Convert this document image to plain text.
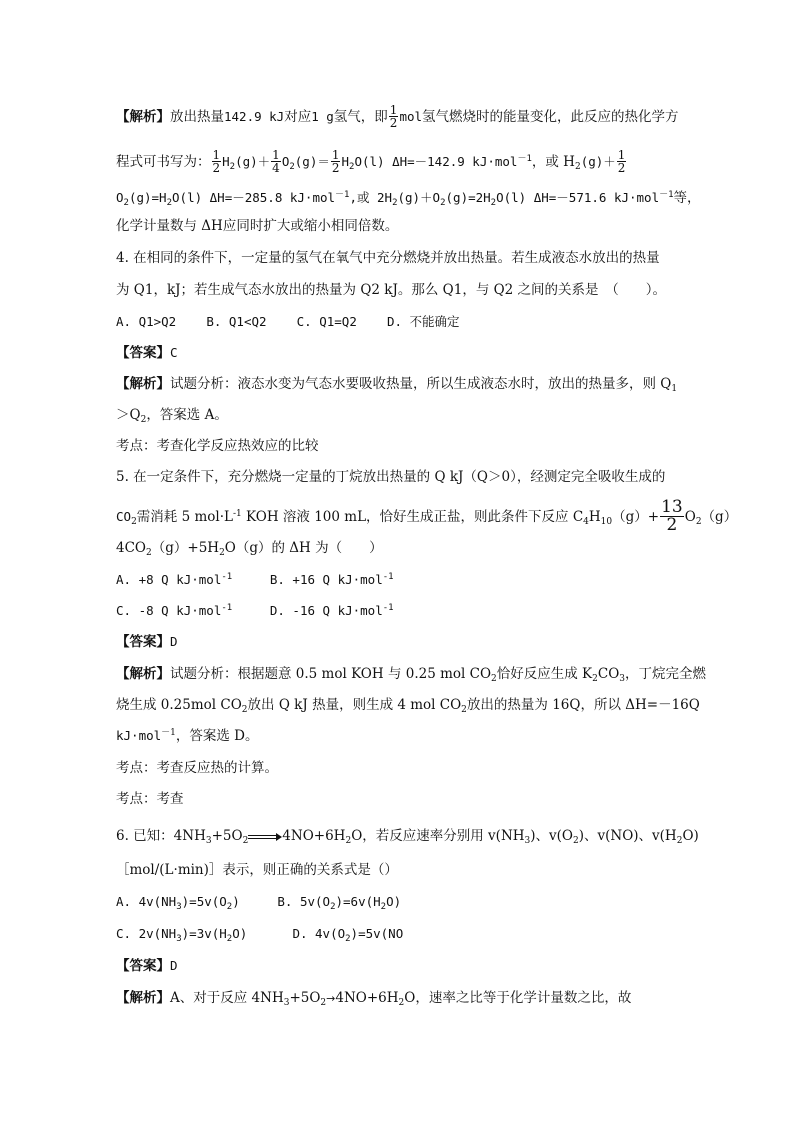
【解析】放出热量142.9 kJ对应1 g氢气，即 $\frac{1}{2}$ mol氢气燃烧时的能量变化，此反应的热化学方
程式可书写为： $\frac{1}{2} H_2(g)+ \frac{1}{4} O_2(g)= \frac{1}{2} H_2O(l)$ ΔH=－142.9 kJ·mol$^{-1}$，或 $H_2(g)+ \frac{1}{2}$
$O_2(g)=H_2O(l)$ ΔH=－285.8 kJ·mol$^{-1}$,或 $2H_2(g)+O_2(g)=2H_2O(l)$ ΔH=－571.6 kJ·mol$^{-1}$等，
化学计量数与 ΔH应同时扩大或缩小相同倍数。
4. 在相同的条件下，一定量的氢气在氧气中充分燃烧并放出热量。若生成液态水放出的热量
为 Q1，kJ；若生成气态水放出的热量为 Q2 kJ。那么 Q1，与 Q2 之间的关系是　（　　）。
A. Q1>Q2 B. Q1<Q2 C. Q1=Q2 D. 不能确定
【答案】C
【解析】试题分析：液态水变为气态水要吸收热量，所以生成液态水时，放出的热量多，则 $Q_1$
$>Q_2$，答案选 A。
考点：考查化学反应热效应的比较
5. 在一定条件下，充分燃烧一定量的丁烷放出热量的 Q kJ（Q＞0），经测定完全吸收生成的
$CO_2$需消耗 5 $mol\cdot L^{-1}$ KOH 溶液 100 mL，恰好生成正盐，则此条件下反应 $C_4H_{10}(g)+ \frac{13}{2} O_2(g)$
$4CO_2(g)+5H_2O(g)$的 ΔH 为（　　）
A. +8 Q kJ·mol$^{-1}$	B. +16 Q kJ·mol$^{-1}$
C. -8 Q kJ·mol$^{-1}$	D. -16 Q kJ·mol$^{-1}$
【答案】D
【解析】试题分析：根据题意 0.5 mol KOH 与 0.25 mol $CO_2$恰好反应生成 $K_2CO_3$，丁烷完全燃
烧生成 0.25mol $CO_2$放出 Q kJ 热量，则生成 4 mol $CO_2$放出的热量为 16Q，所以 ΔH=－16Q
kJ·mol$^{-1}$，答案选 D。
考点：考查反应热的计算。
考点：考查
6. 已知：$4NH_3+5O_2$	$4NO+6H_2O$，若反应速率分别用 $v(NH_3)$、$v(O_2)$、v(NO)、$v(H_2O)$
［mol/(L·min)］表示，则正确的关系式是（）
A. $4v(NH_3)=5v(O_2)$	B. $5v(O_2)=6v(H_2O)$
C. $2v(NH_3)=3v(H_2O)$	D. $4v(O_2)=5v(NO$
【答案】D
【解析】A、对于反应 $4NH_3+5O_2\to 4NO+6H_2O$，速率之比等于化学计量数之比，故
